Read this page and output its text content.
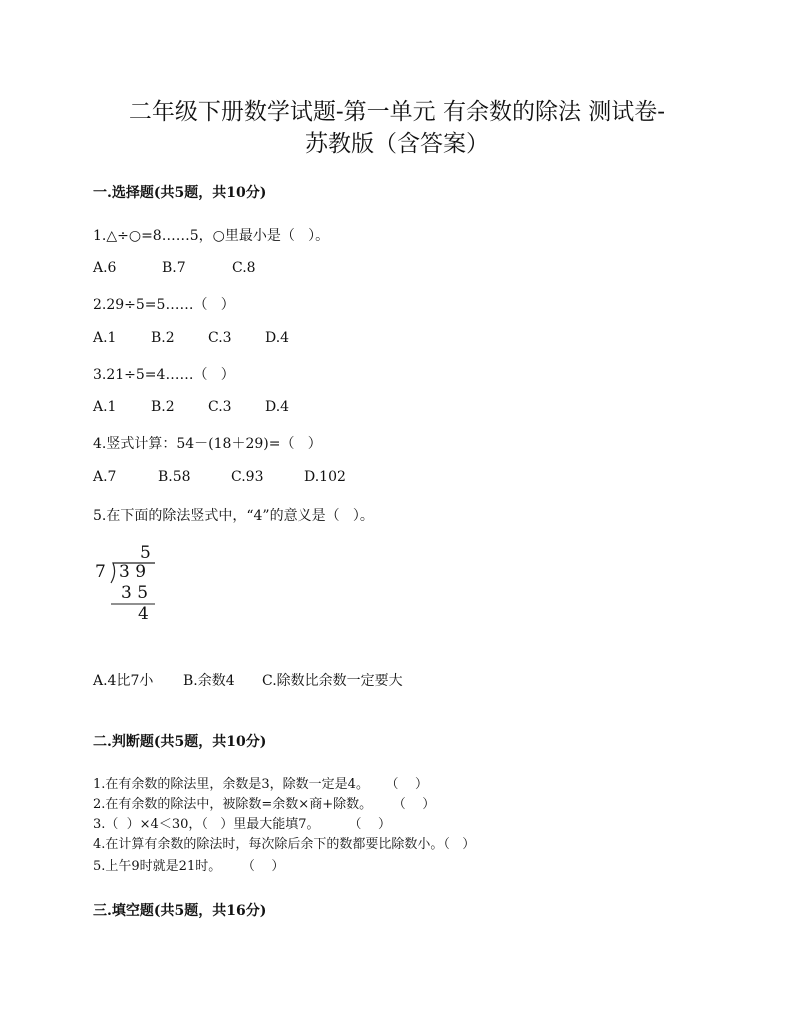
二年级下册数学试题-第一单元 有余数的除法 测试卷-
苏教版（含答案）
一.选择题(共5题，共10分)
1.△÷○=8……5，○里最小是（   ）。
A.6	B.7	C.8
2.29÷5=5……（   ）
A.1 B.2 C.3 D.4
3.21÷5=4……（   ）
A.1 B.2 C.3 D.4
4.竖式计算：54－(18＋29)=（   ）
A.7	B.58	C.93	D.102
5.在下面的除法竖式中，“4”的意义是（   ）。
5
7 3 9
3 5
4
A.4比7小 B.余数4 C.除数比余数一定要大
二.判断题(共5题，共10分)
1.在有余数的除法里，余数是3，除数一定是4。    （    ）
2.在有余数的除法中，被除数=余数×商+除数。     （    ）
3.（  ）×4＜30，（   ）里最大能填7。       （    ）
4.在计算有余数的除法时，每次除后余下的数都要比除数小。（   ）
5.上午9时就是21时。     （    ）
三.填空题(共5题，共16分)
